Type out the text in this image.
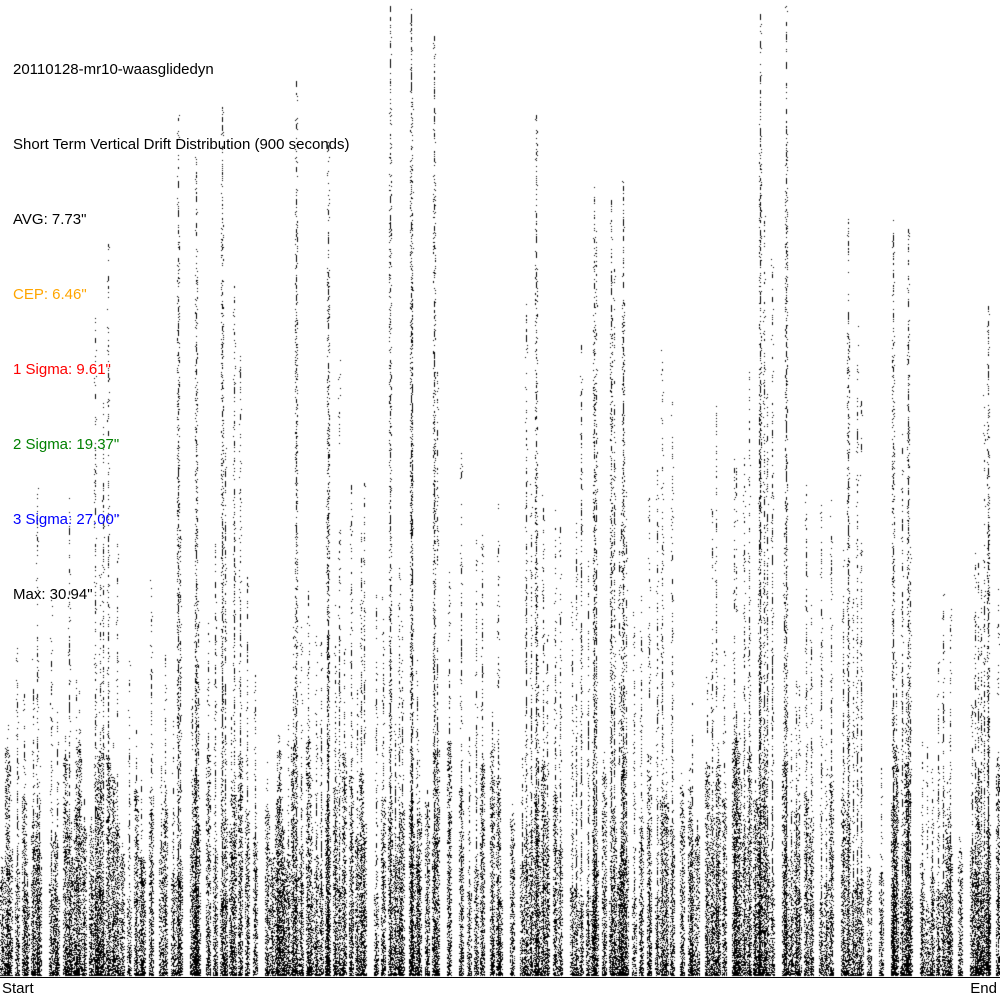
20110128-mr10-waasglidedyn

Short Term Vertical Drift Distribution (900 seconds)

AVG: 7.73"

CEP: 6.46"

1 Sigma: 9.61"

2 Sigma: 19.37"

3 Sigma: 27.00"

Max: 30.94"

Start	End
